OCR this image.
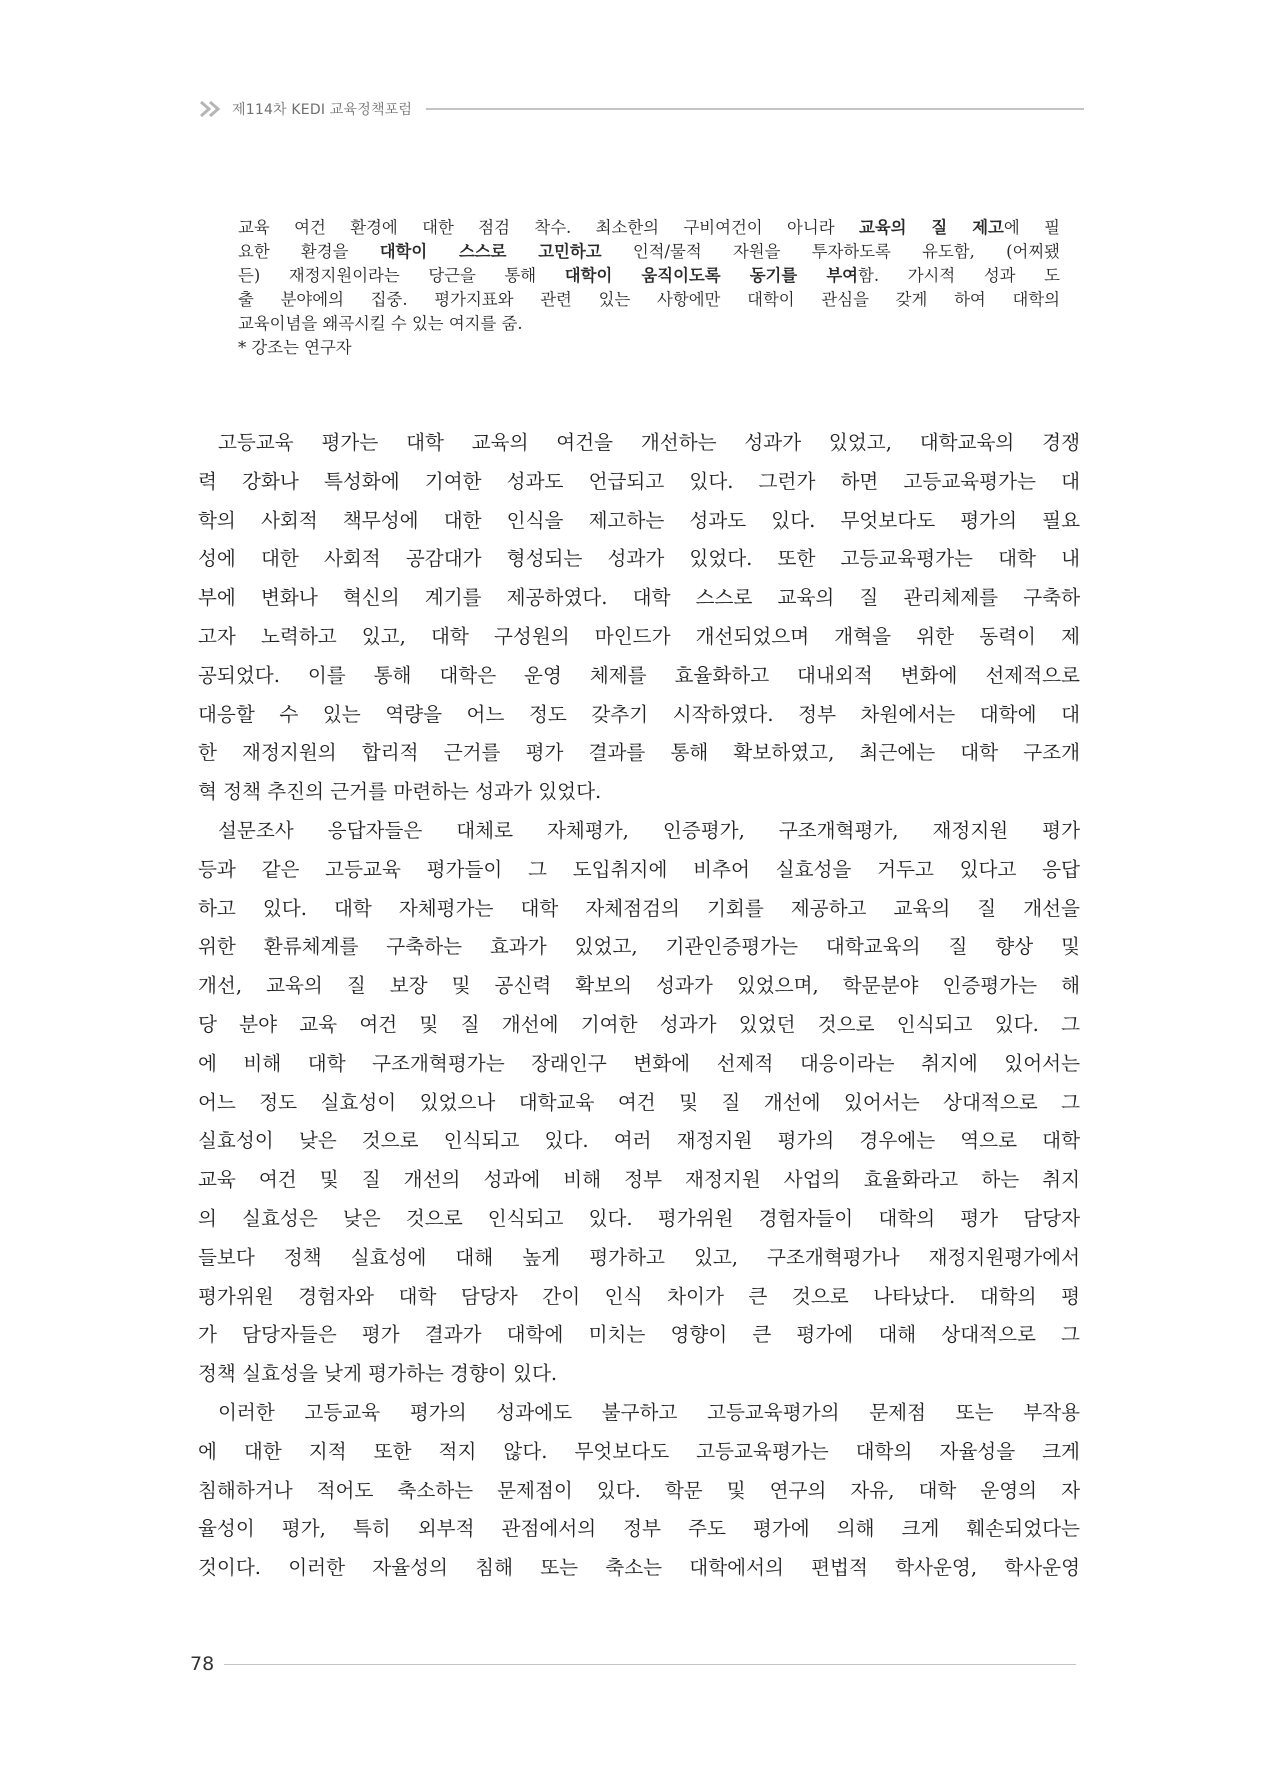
제114차 KEDI 교육정책포럼
교육 여건 환경에 대한 점검 착수. 최소한의 구비여건이 아니라 교육의 질 제고에 필
요한 환경을 대학이 스스로 고민하고 인적/물적 자원을 투자하도록 유도함, (어찌됐
든) 재정지원이라는 당근을 통해 대학이 움직이도록 동기를 부여함. 가시적 성과 도
출 분야에의 집중. 평가지표와 관련 있는 사항에만 대학이 관심을 갖게 하여 대학의
교육이념을 왜곡시킬 수 있는 여지를 줌.
* 강조는 연구자
고등교육 평가는 대학 교육의 여건을 개선하는 성과가 있었고, 대학교육의 경쟁
력 강화나 특성화에 기여한 성과도 언급되고 있다. 그런가 하면 고등교육평가는 대
학의 사회적 책무성에 대한 인식을 제고하는 성과도 있다. 무엇보다도 평가의 필요
성에 대한 사회적 공감대가 형성되는 성과가 있었다. 또한 고등교육평가는 대학 내
부에 변화나 혁신의 계기를 제공하였다. 대학 스스로 교육의 질 관리체제를 구축하
고자 노력하고 있고, 대학 구성원의 마인드가 개선되었으며 개혁을 위한 동력이 제
공되었다. 이를 통해 대학은 운영 체제를 효율화하고 대내외적 변화에 선제적으로
대응할 수 있는 역량을 어느 정도 갖추기 시작하였다. 정부 차원에서는 대학에 대
한 재정지원의 합리적 근거를 평가 결과를 통해 확보하였고, 최근에는 대학 구조개
혁 정책 추진의 근거를 마련하는 성과가 있었다.
설문조사 응답자들은 대체로 자체평가, 인증평가, 구조개혁평가, 재정지원 평가
등과 같은 고등교육 평가들이 그 도입취지에 비추어 실효성을 거두고 있다고 응답
하고 있다. 대학 자체평가는 대학 자체점검의 기회를 제공하고 교육의 질 개선을
위한 환류체계를 구축하는 효과가 있었고, 기관인증평가는 대학교육의 질 향상 및
개선, 교육의 질 보장 및 공신력 확보의 성과가 있었으며, 학문분야 인증평가는 해
당 분야 교육 여건 및 질 개선에 기여한 성과가 있었던 것으로 인식되고 있다. 그
에 비해 대학 구조개혁평가는 장래인구 변화에 선제적 대응이라는 취지에 있어서는
어느 정도 실효성이 있었으나 대학교육 여건 및 질 개선에 있어서는 상대적으로 그
실효성이 낮은 것으로 인식되고 있다. 여러 재정지원 평가의 경우에는 역으로 대학
교육 여건 및 질 개선의 성과에 비해 정부 재정지원 사업의 효율화라고 하는 취지
의 실효성은 낮은 것으로 인식되고 있다. 평가위원 경험자들이 대학의 평가 담당자
들보다 정책 실효성에 대해 높게 평가하고 있고, 구조개혁평가나 재정지원평가에서
평가위원 경험자와 대학 담당자 간이 인식 차이가 큰 것으로 나타났다. 대학의 평
가 담당자들은 평가 결과가 대학에 미치는 영향이 큰 평가에 대해 상대적으로 그
정책 실효성을 낮게 평가하는 경향이 있다.
이러한 고등교육 평가의 성과에도 불구하고 고등교육평가의 문제점 또는 부작용
에 대한 지적 또한 적지 않다. 무엇보다도 고등교육평가는 대학의 자율성을 크게
침해하거나 적어도 축소하는 문제점이 있다. 학문 및 연구의 자유, 대학 운영의 자
율성이 평가, 특히 외부적 관점에서의 정부 주도 평가에 의해 크게 훼손되었다는
것이다. 이러한 자율성의 침해 또는 축소는 대학에서의 편법적 학사운영, 학사운영
78
